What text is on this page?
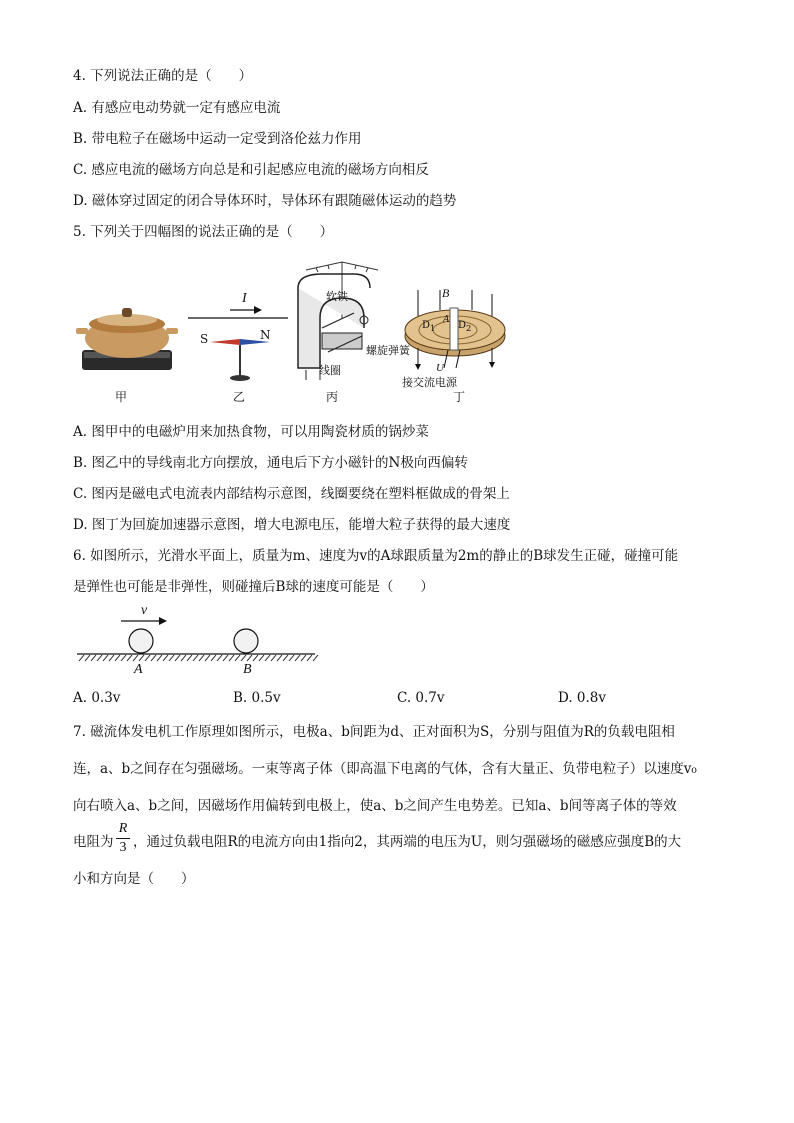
4. 下列说法正确的是（　　）
A. 有感应电动势就一定有感应电流
B. 带电粒子在磁场中运动一定受到洛伦兹力作用
C. 感应电流的磁场方向总是和引起感应电流的磁场方向相反
D. 磁体穿过固定的闭合导体环时，导体环有跟随磁体运动的趋势
5. 下列关于四幅图的说法正确的是（　　）
甲
I
S	N
乙
软铁
螺旋弹簧
线圈
丙
B
$D_1$ $D_2$
A
U
接交流电源
丁
A. 图甲中的电磁炉用来加热食物，可以用陶瓷材质的锅炒菜
B. 图乙中的导线南北方向摆放，通电后下方小磁针的N极向西偏转
C. 图丙是磁电式电流表内部结构示意图，线圈要绕在塑料框做成的骨架上
D. 图丁为回旋加速器示意图，增大电源电压，能增大粒子获得的最大速度
6. 如图所示，光滑水平面上，质量为m、速度为v的A球跟质量为2m的静止的B球发生正碰，碰撞可能
是弹性也可能是非弹性，则碰撞后B球的速度可能是（　　）
v
A	B
A. 0.3v	B. 0.5v	C. 0.7v	D. 0.8v
7. 磁流体发电机工作原理如图所示，电极a、b间距为d、正对面积为S，分别与阻值为R的负载电阻相
连，a、b之间存在匀强磁场。一束等离子体（即高温下电离的气体，含有大量正、负带电粒子）以速度v₀
向右喷入a、b之间，因磁场作用偏转到电极上，使a、b之间产生电势差。已知a、b间等离子体的等效
电阻为 $\frac{R}{3}$ ，通过负载电阻R的电流方向由1指向2，其两端的电压为U，则匀强磁场的磁感应强度B的大
小和方向是（　　）
